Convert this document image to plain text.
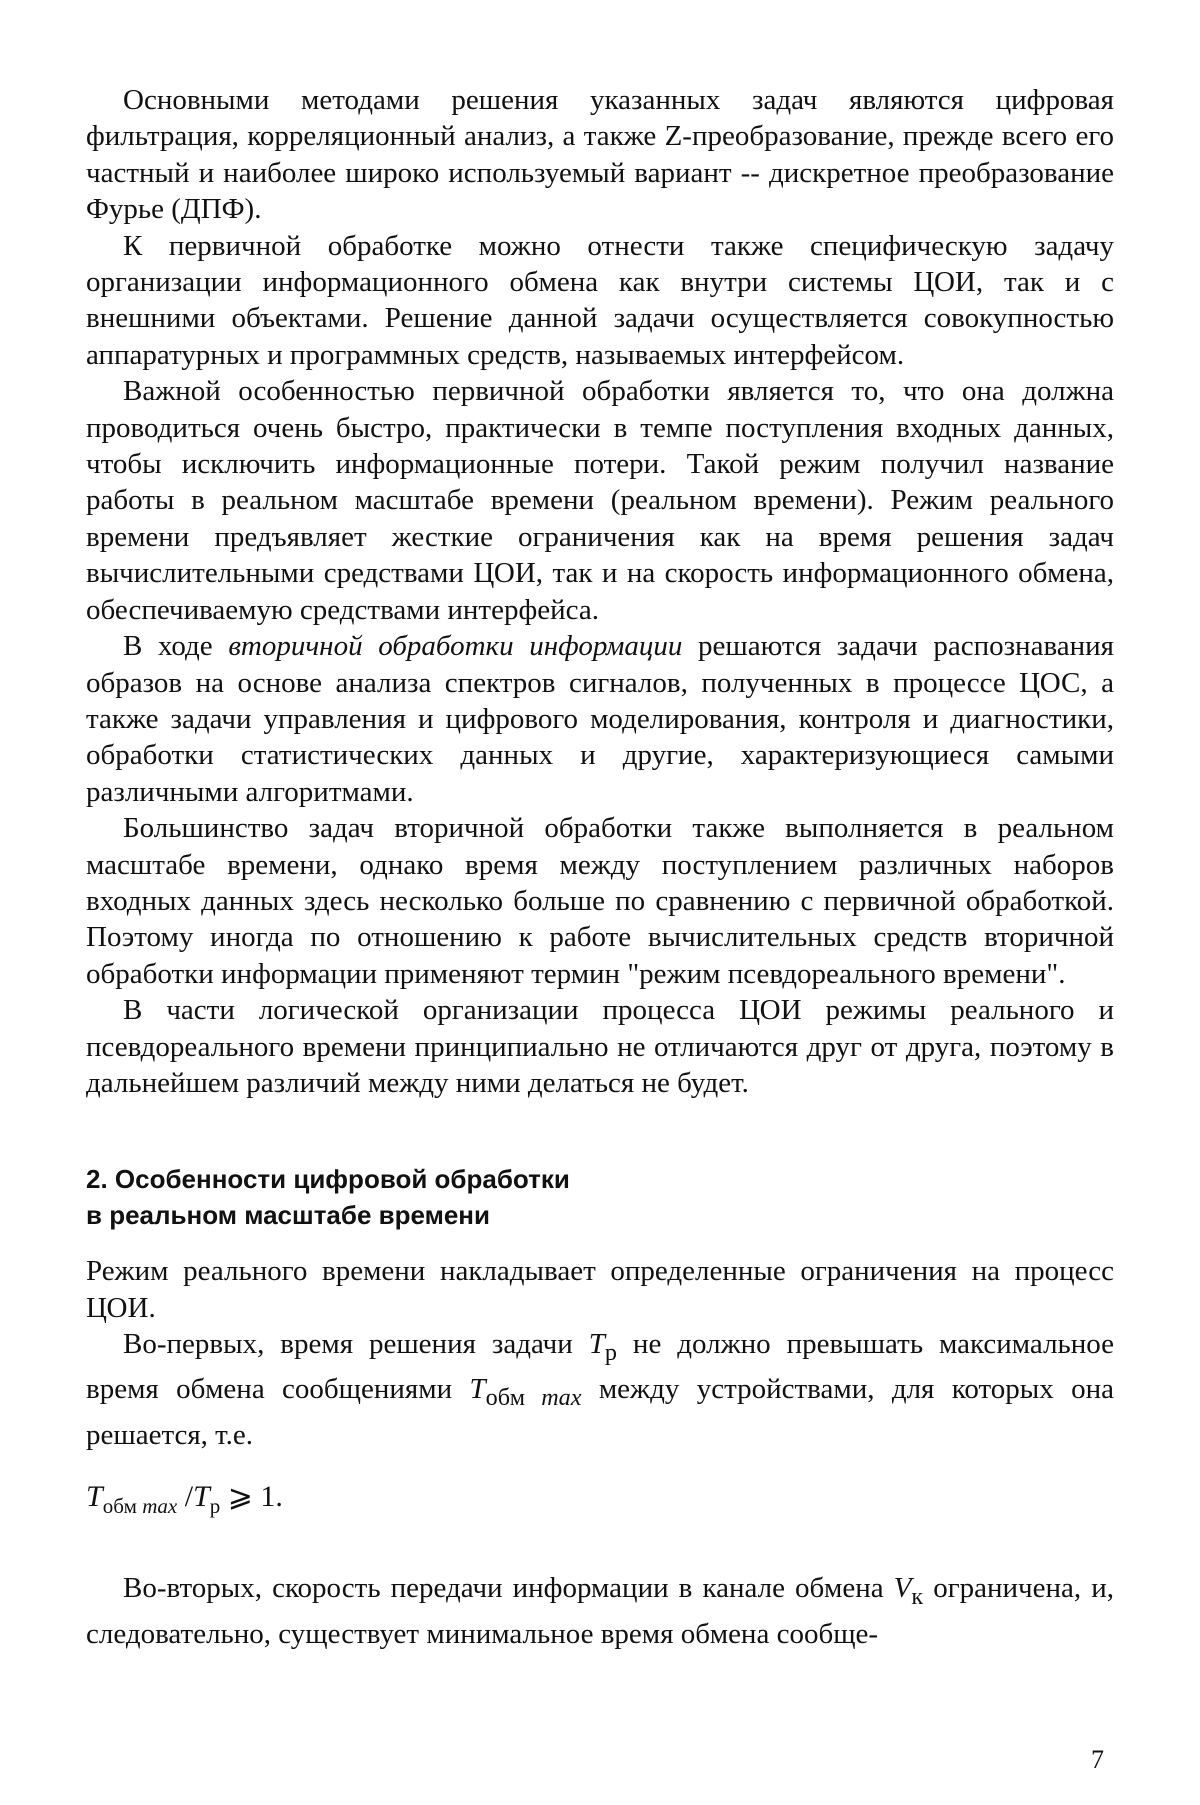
Основными методами решения указанных задач являются цифровая фильтрация, корреляционный анализ, а также Z-преобразование, прежде всего его частный и наиболее широко используемый вариант -- дискретное преобразование Фурье (ДПФ).

К первичной обработке можно отнести также специфическую задачу организации информационного обмена как внутри системы ЦОИ, так и с внешними объектами. Решение данной задачи осуществляется совокупностью аппаратурных и программных средств, называемых интерфейсом.

Важной особенностью первичной обработки является то, что она должна проводиться очень быстро, практически в темпе поступления входных данных, чтобы исключить информационные потери. Такой режим получил название работы в реальном масштабе времени (реальном времени). Режим реального времени предъявляет жесткие ограничения как на время решения задач вычислительными средствами ЦОИ, так и на скорость информационного обмена, обеспечиваемую средствами интерфейса.

В ходе вторичной обработки информации решаются задачи распознавания образов на основе анализа спектров сигналов, полученных в процессе ЦОС, а также задачи управления и цифрового моделирования, контроля и диагностики, обработки статистических данных и другие, характеризующиеся самыми различными алгоритмами.

Большинство задач вторичной обработки также выполняется в реальном масштабе времени, однако время между поступлением различных наборов входных данных здесь несколько больше по сравнению с первичной обработкой. Поэтому иногда по отношению к работе вычислительных средств вторичной обработки информации применяют термин "режим псевдореального времени".

В части логической организации процесса ЦОИ режимы реального и псевдореального времени принципиально не отличаются друг от друга, поэтому в дальнейшем различий между ними делаться не будет.

2. Особенности цифровой обработки
в реальном масштабе времени

Режим реального времени накладывает определенные ограничения на процесс ЦОИ.

Во-первых, время решения задачи $T_р$ не должно превышать максимальное время обмена сообщениями $T_{обм max}$ между устройствами, для которых она решается, т.е.

$T_{обм max}$ $/T_р$ ⩾ 1.

Во-вторых, скорость передачи информации в канале обмена $V_к$ ограничена, и, следовательно, существует минимальное время обмена сообще-

7
